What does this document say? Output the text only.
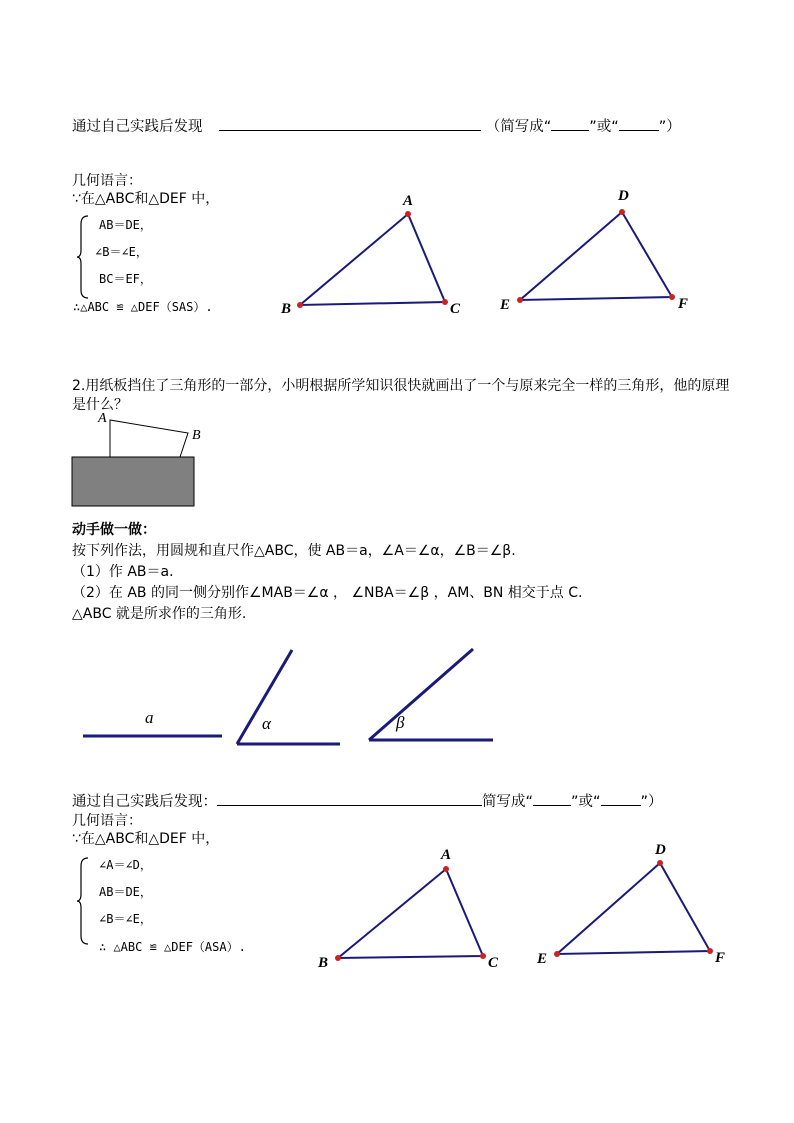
通过自己实践后发现	（简写成“	”或“	”）
几何语言：
∵在△ABC和△DEF 中，
AB＝DE，
∠B＝∠E，
BC＝EF，
∴△ABC ≌ △DEF（SAS）.
A
B	C
D
E	F
2.用纸板挡住了三角形的一部分，小明根据所学知识很快就画出了一个与原来完全一样的三角形，他的原理
是什么？
A
B
动手做一做：
按下列作法，用圆规和直尺作△ABC，使 AB＝a，∠A＝∠α，∠B＝∠β.
（1）作 AB＝a.
（2）在 AB 的同一侧分别作∠MAB＝∠α ， ∠NBA＝∠β ，AM、BN 相交于点 C.
△ABC 就是所求作的三角形.
a	α	β
通过自己实践后发现：	简写成“	”或“	”）
几何语言：
∵在△ABC和△DEF 中，
∠A＝∠D，
AB＝DE，
∠B＝∠E，
∴ △ABC ≌ △DEF（ASA）.
A
B	C
D
E	F
